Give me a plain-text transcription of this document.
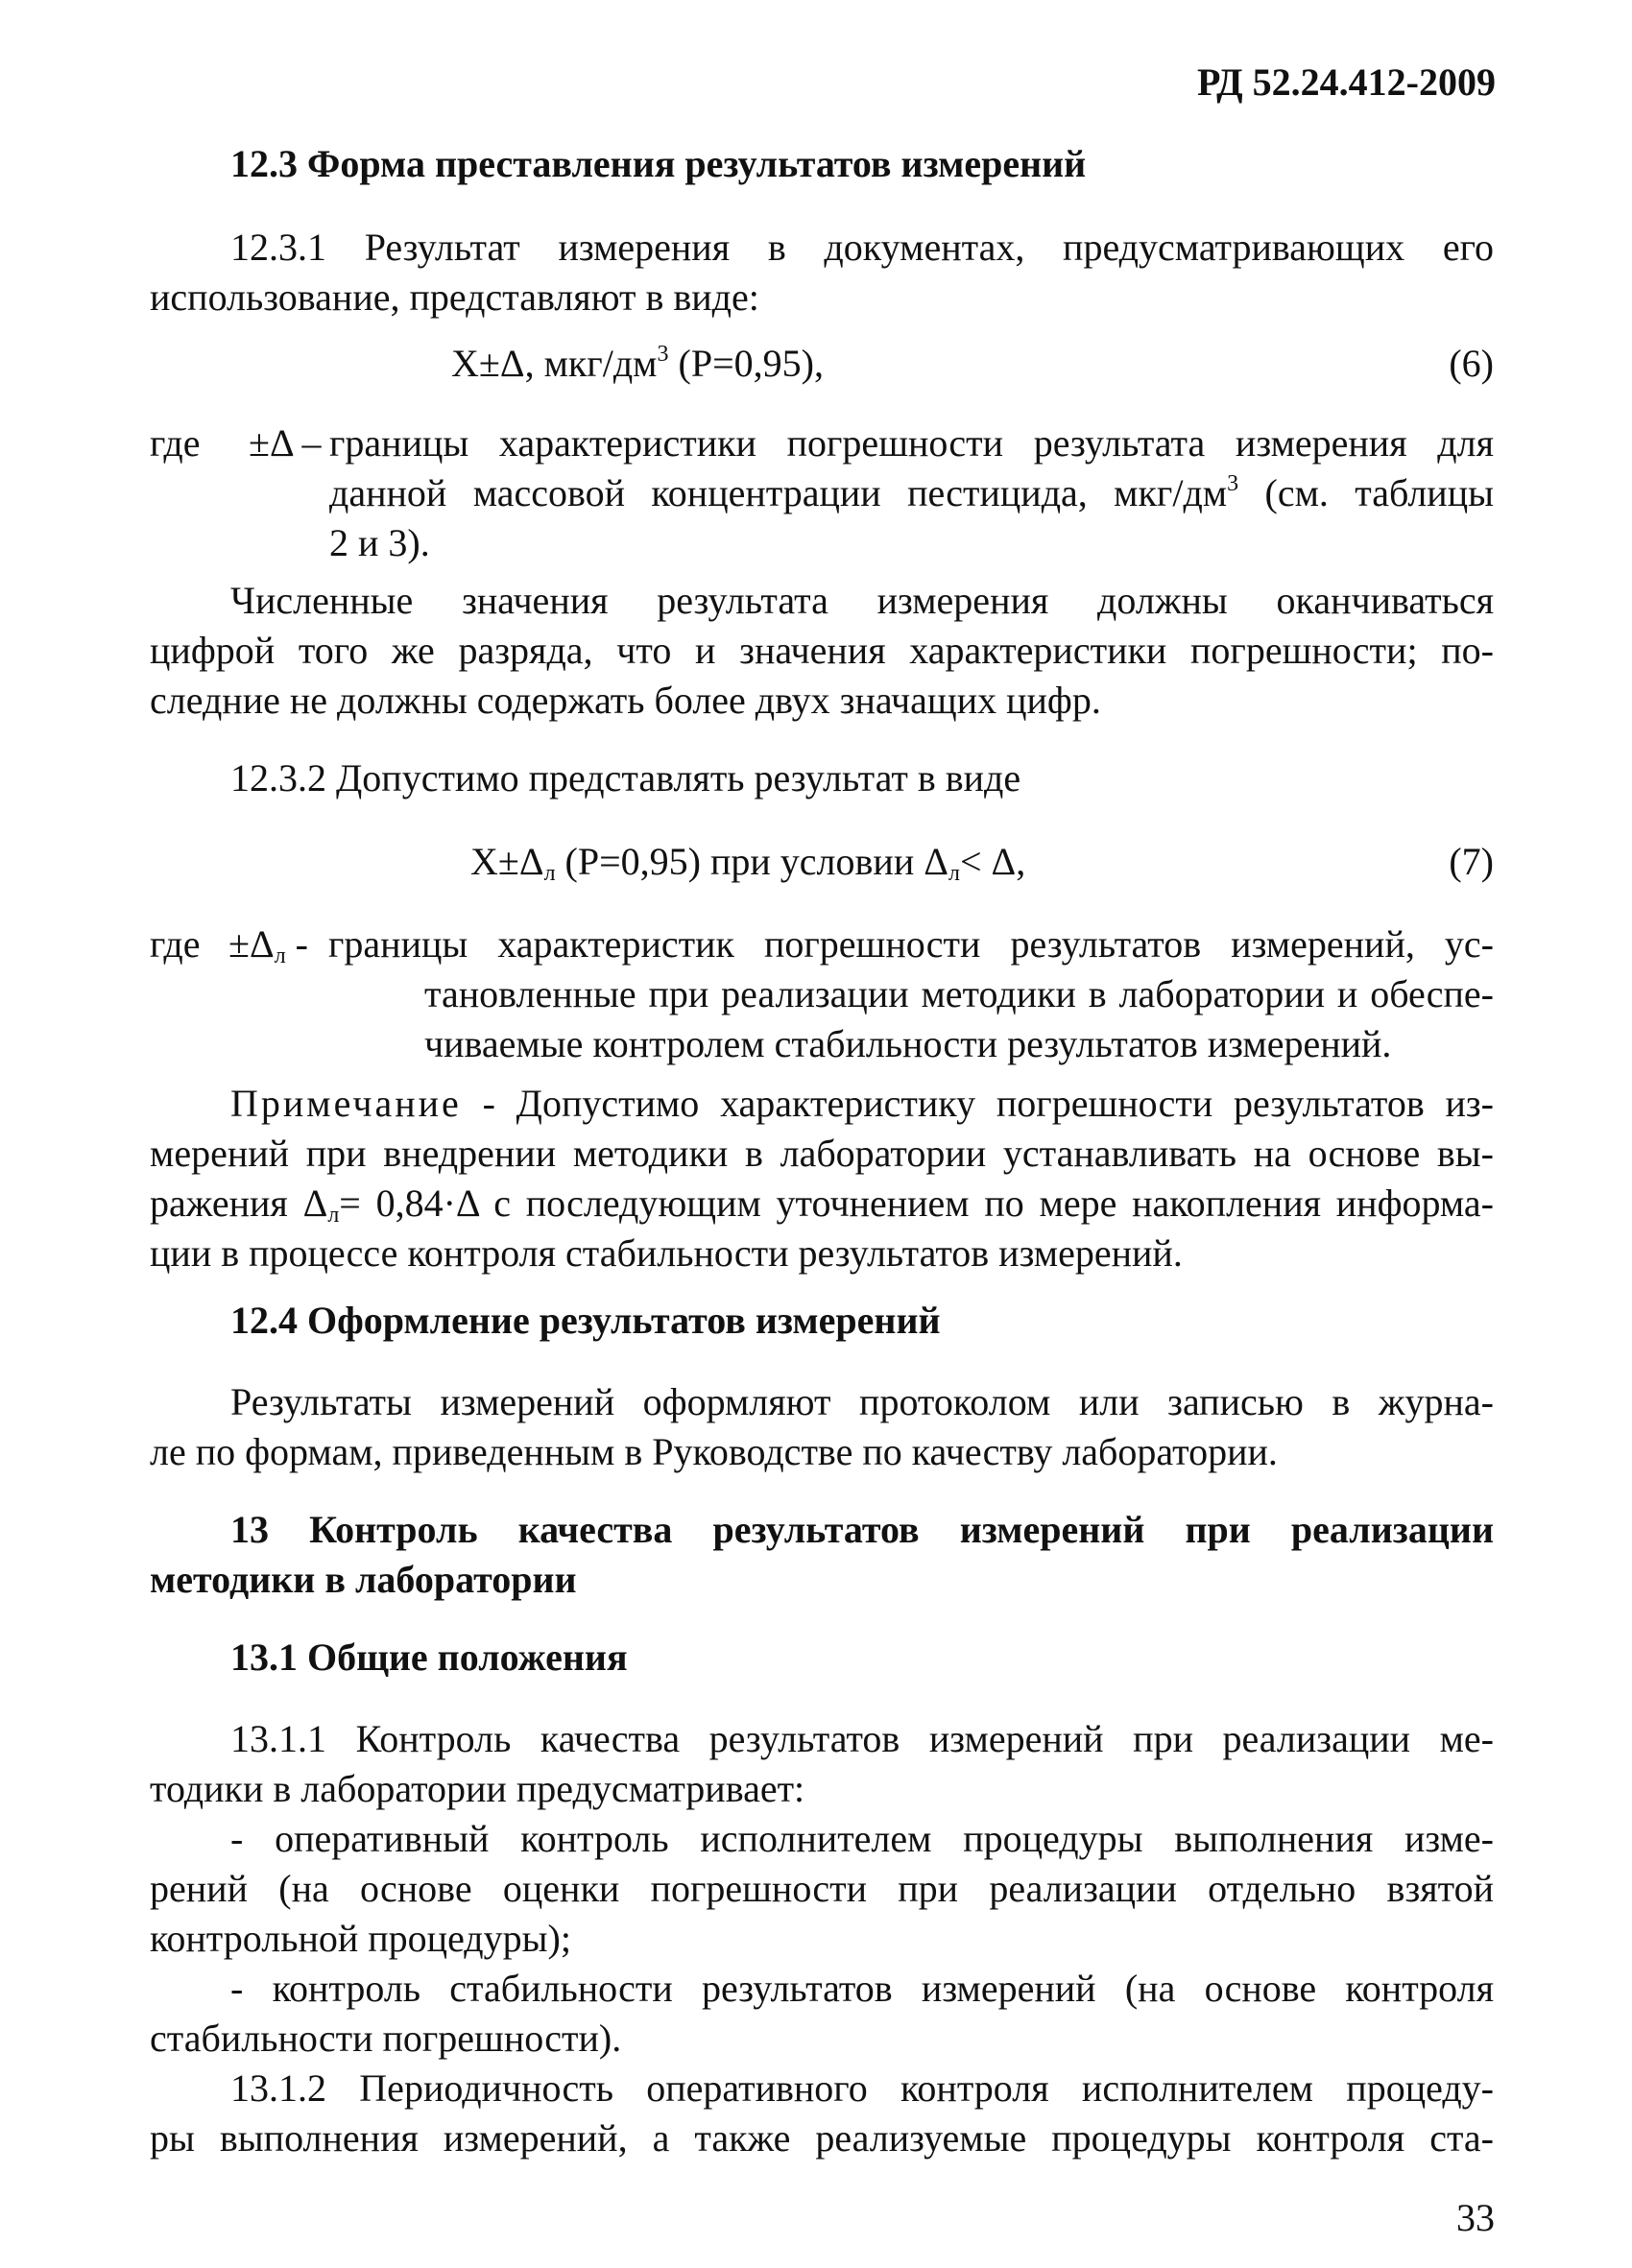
РД 52.24.412-2009
12.3 Форма преставления результатов измерений
12.3.1 Результат измерения в документах, предусматривающих его
использование, представляют в виде:
Х±Δ, мкг/$дм^3$ (Р=0,95),	(6)
где ±Δ – границы характеристики погрешности результата измерения для
данной массовой концентрации пестицида, мкг/$дм^3$ (см. таблицы
2 и 3).
Численные значения результата измерения должны оканчиваться
цифрой того же разряда, что и значения характеристики погрешности; по-
следние не должны содержать более двух значащих цифр.
12.3.2 Допустимо представлять результат в виде
$Х\pm\Delta_л$ (Р=0,95) при условии $\Delta_л< \Delta$,	(7)
где $\pm\Delta_л$ - границы характеристик погрешности результатов измерений, ус-
тановленные при реализации методики в лаборатории и обеспе-
чиваемые контролем стабильности результатов измерений.
Примечание - Допустимо характеристику погрешности результатов из-
мерений при внедрении методики в лаборатории устанавливать на основе вы-
ражения $\Delta_л= 0,84\cdot\Delta$ с последующим уточнением по мере накопления информа-
ции в процессе контроля стабильности результатов измерений.
12.4 Оформление результатов измерений
Результаты измерений оформляют протоколом или записью в журна-
ле по формам, приведенным в Руководстве по качеству лаборатории.
13 Контроль качества результатов измерений при реализации
методики в лаборатории
13.1 Общие положения
13.1.1 Контроль качества результатов измерений при реализации ме-
тодики в лаборатории предусматривает:
- оперативный контроль исполнителем процедуры выполнения изме-
рений (на основе оценки погрешности при реализации отдельно взятой
контрольной процедуры);
- контроль стабильности результатов измерений (на основе контроля
стабильности погрешности).
13.1.2 Периодичность оперативного контроля исполнителем процеду-
ры выполнения измерений, а также реализуемые процедуры контроля ста-
33
